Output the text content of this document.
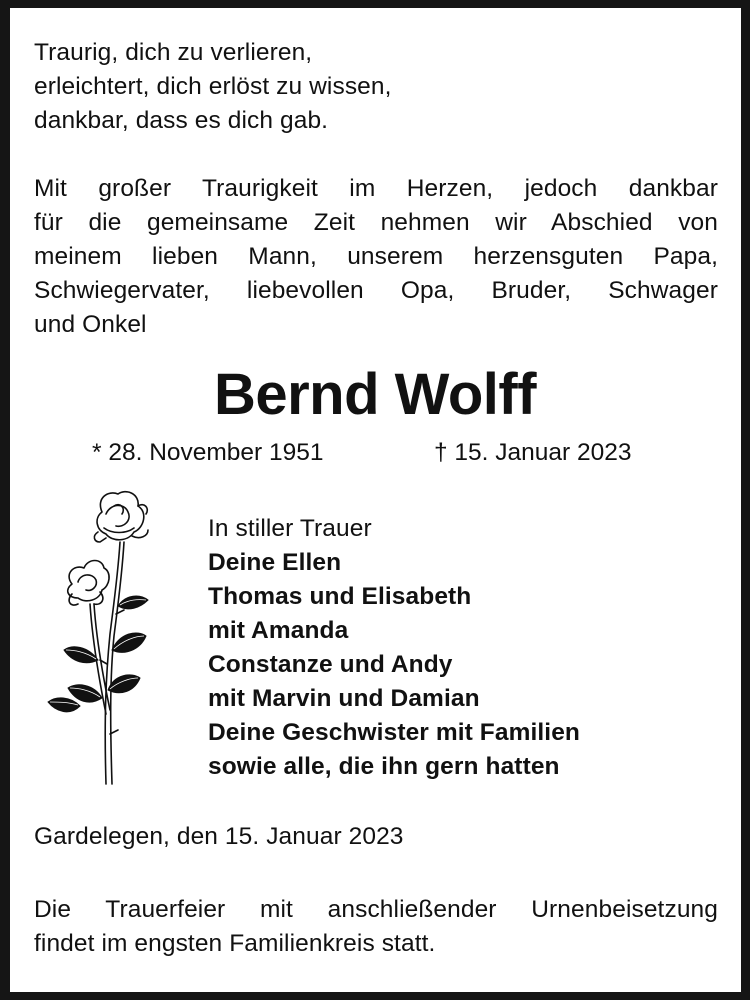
Traurig, dich zu verlieren,
erleichtert, dich erlöst zu wissen,
dankbar, dass es dich gab.
Mit großer Traurigkeit im Herzen, jedoch dankbar
für die gemeinsame Zeit nehmen wir Abschied von
meinem lieben Mann, unserem herzensguten Papa,
Schwiegervater, liebevollen Opa, Bruder, Schwager
und Onkel
Bernd Wolff
* 28. November 1951	† 15. Januar 2023
In stiller Trauer
Deine Ellen
Thomas und Elisabeth
mit Amanda
Constanze und Andy
mit Marvin und Damian
Deine Geschwister mit Familien
sowie alle, die ihn gern hatten
Gardelegen, den 15. Januar 2023
Die Trauerfeier mit anschließender Urnenbeisetzung
findet im engsten Familienkreis statt.
